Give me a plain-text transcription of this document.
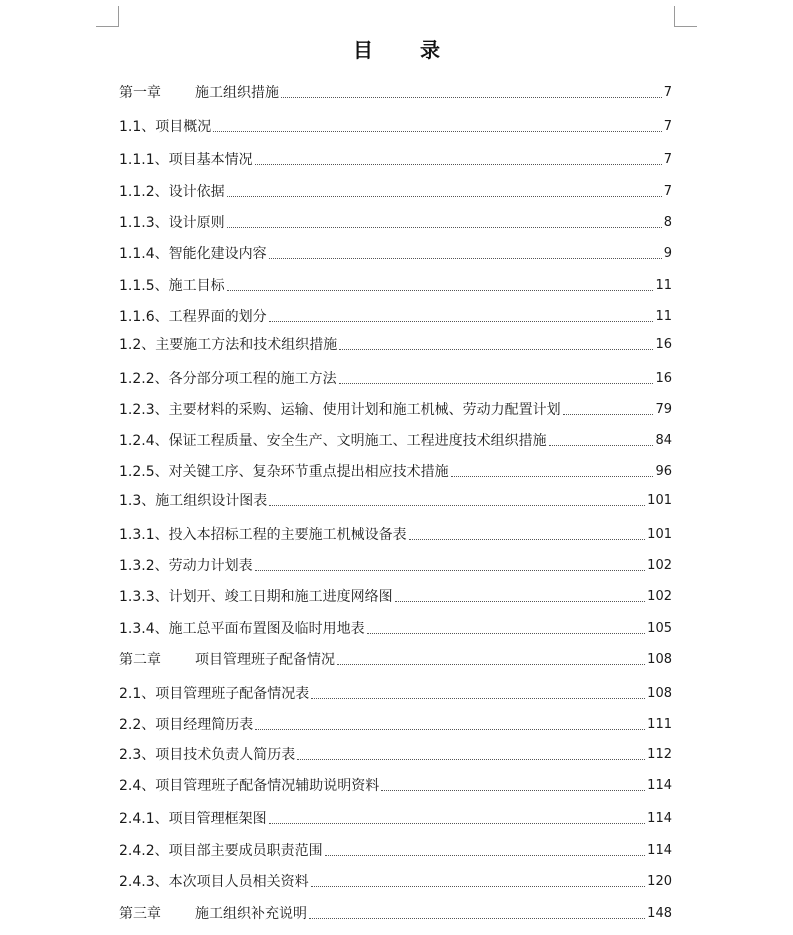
目 录
第一章 施工组织措施	7
1.1、项目概况	7
1.1.1、项目基本情况	7
1.1.2、设计依据	7
1.1.3、设计原则	8
1.1.4、智能化建设内容	9
1.1.5、施工目标	11
1.1.6、工程界面的划分	11
1.2、主要施工方法和技术组织措施	16
1.2.2、各分部分项工程的施工方法	16
1.2.3、主要材料的采购、运输、使用计划和施工机械、劳动力配置计划	79
1.2.4、保证工程质量、安全生产、文明施工、工程进度技术组织措施	84
1.2.5、对关键工序、复杂环节重点提出相应技术措施	96
1.3、施工组织设计图表	101
1.3.1、投入本招标工程的主要施工机械设备表	101
1.3.2、劳动力计划表	102
1.3.3、计划开、竣工日期和施工进度网络图	102
1.3.4、施工总平面布置图及临时用地表	105
第二章 项目管理班子配备情况	108
2.1、项目管理班子配备情况表	108
2.2、项目经理简历表	111
2.3、项目技术负责人简历表	112
2.4、项目管理班子配备情况辅助说明资料	114
2.4.1、项目管理框架图	114
2.4.2、项目部主要成员职责范围	114
2.4.3、本次项目人员相关资料	120
第三章 施工组织补充说明	148
